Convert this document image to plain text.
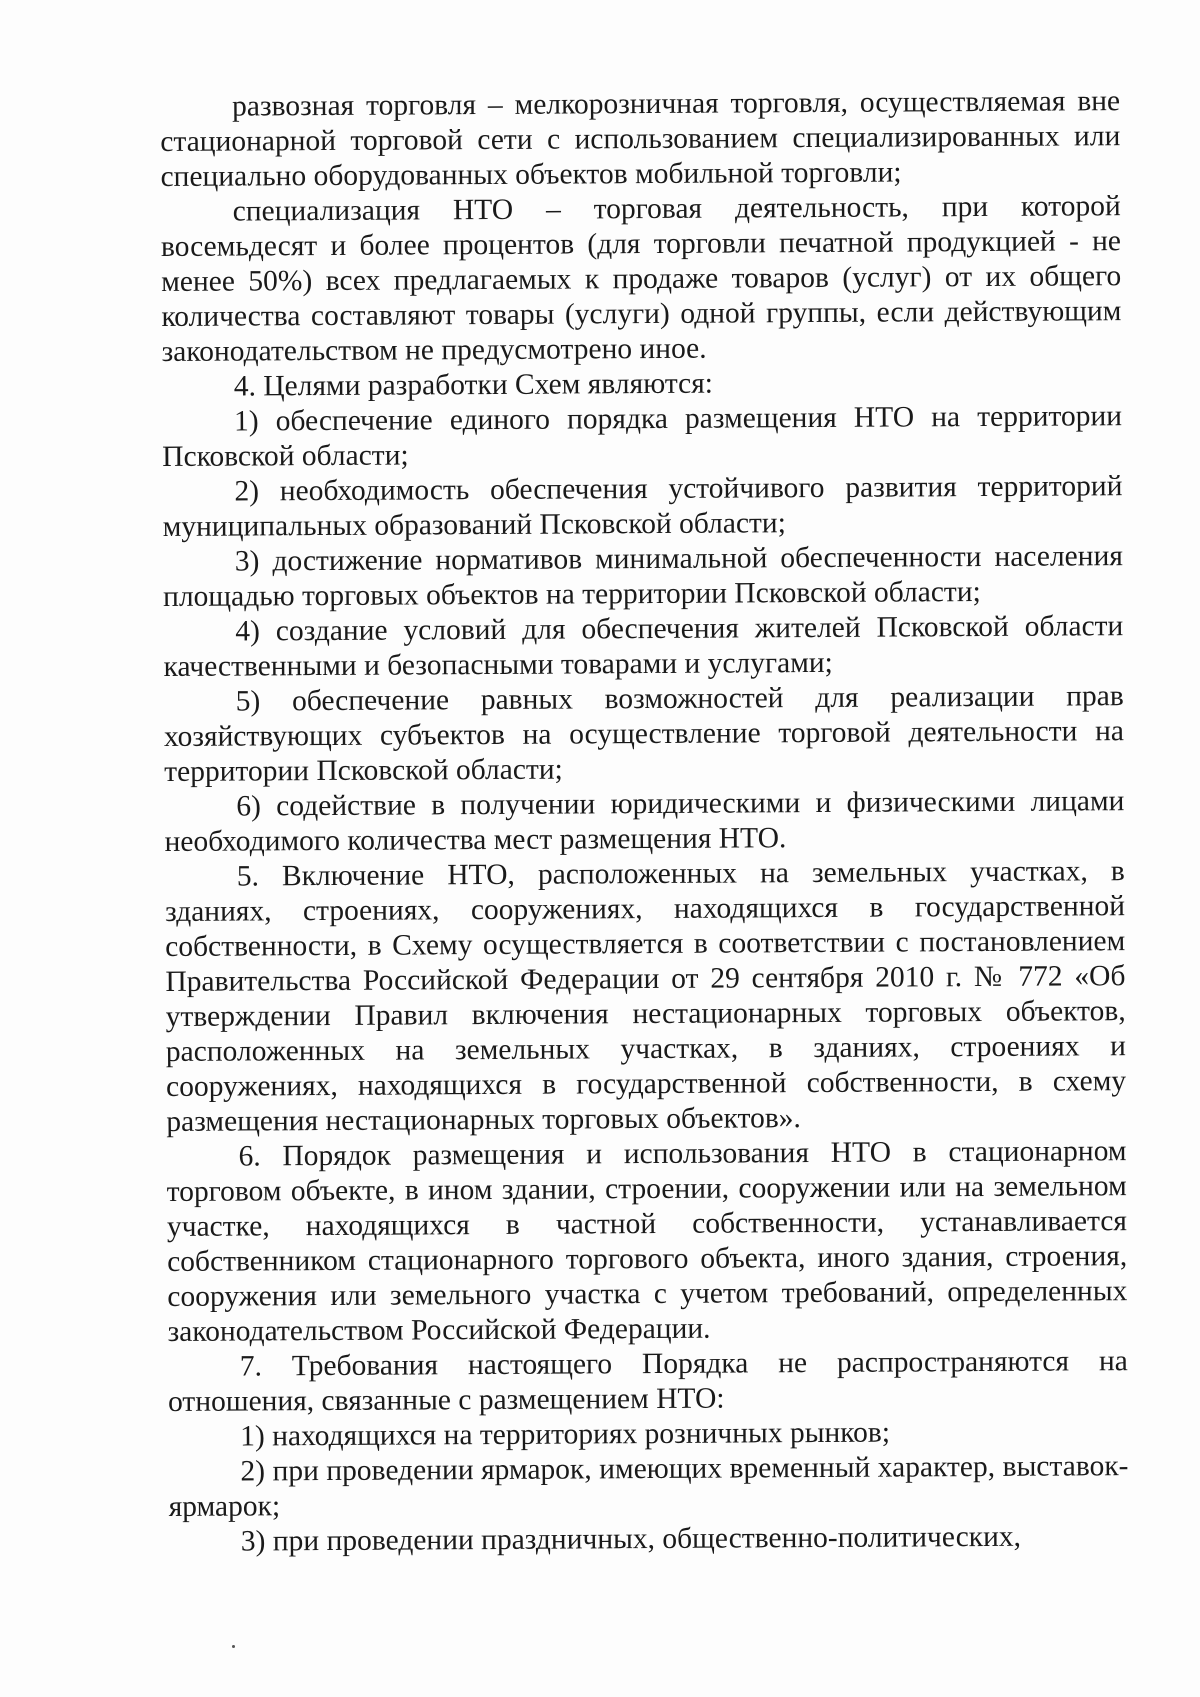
развозная торговля – мелкорозничная торговля, осуществляемая вне стационарной торговой сети с использованием специализированных или специально оборудованных объектов мобильной торговли;

специализация НТО – торговая деятельность, при которой восемьдесят и более процентов (для торговли печатной продукцией - не менее 50%) всех предлагаемых к продаже товаров (услуг) от их общего количества составляют товары (услуги) одной группы, если действующим законодательством не предусмотрено иное.

4. Целями разработки Схем являются:

1) обеспечение единого порядка размещения НТО на территории Псковской области;

2) необходимость обеспечения устойчивого развития территорий муниципальных образований Псковской области;

3) достижение нормативов минимальной обеспеченности населения площадью торговых объектов на территории Псковской области;

4) создание условий для обеспечения жителей Псковской области качественными и безопасными товарами и услугами;

5) обеспечение равных возможностей для реализации прав хозяйствующих субъектов на осуществление торговой деятельности на территории Псковской области;

6) содействие в получении юридическими и физическими лицами необходимого количества мест размещения НТО.

5. Включение НТО, расположенных на земельных участках, в зданиях, строениях, сооружениях, находящихся в государственной собственности, в Схему осуществляется в соответствии с постановлением Правительства Российской Федерации от 29 сентября 2010 г. № 772 «Об утверждении Правил включения нестационарных торговых объектов, расположенных на земельных участках, в зданиях, строениях и сооружениях, находящихся в государственной собственности, в схему размещения нестационарных торговых объектов».

6. Порядок размещения и использования НТО в стационарном торговом объекте, в ином здании, строении, сооружении или на земельном участке, находящихся в частной собственности, устанавливается собственником стационарного торгового объекта, иного здания, строения, сооружения или земельного участка с учетом требований, определенных законодательством Российской Федерации.

7. Требования настоящего Порядка не распространяются на отношения, связанные с размещением НТО:

1) находящихся на территориях розничных рынков;

2) при проведении ярмарок, имеющих временный характер, выставок-ярмарок;

3) при проведении праздничных, общественно-политических,
